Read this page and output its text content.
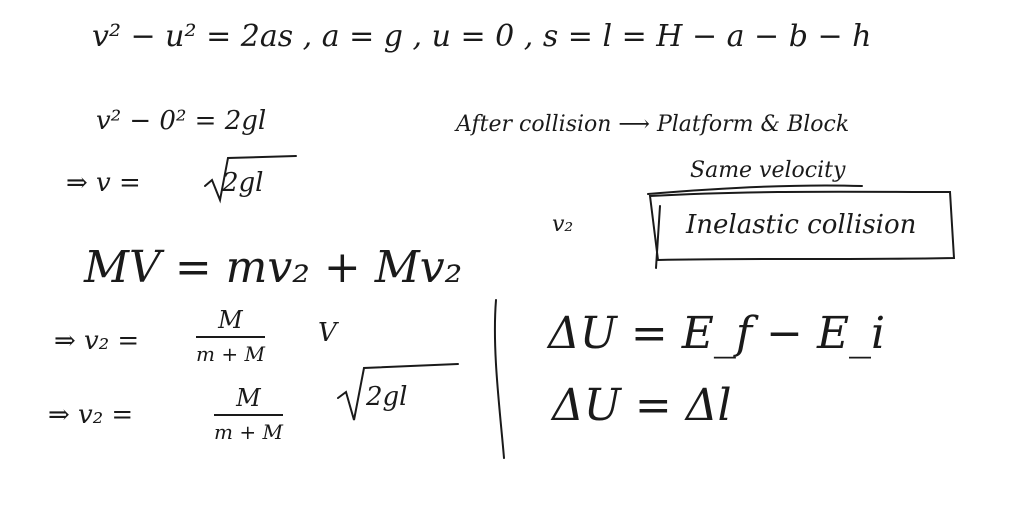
v² − u² = 2as , a = g , u = 0 , s = l = H − a − b − h
v² − 0² = 2gl
⇒ v =	2gl
MV = mv₂ + Mv₂
⇒ v₂ =
M
m + M
V
⇒ v₂ =
M
m + M
2gl
After collision ⟶ Platform & Block
Same velocity
v₂	Inelastic collision
ΔU = E_f − E_i
ΔU = Δl
